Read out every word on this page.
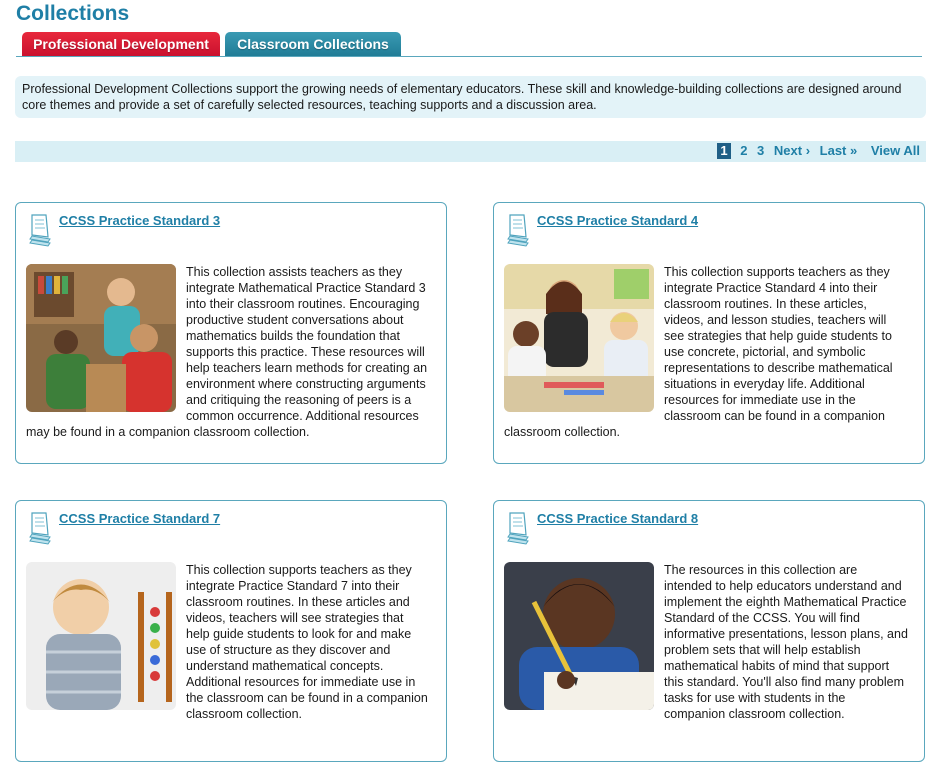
Collections
Professional Development	Classroom Collections
Professional Development Collections support the growing needs of elementary educators. These skill and knowledge-building collections are designed around core themes and provide a set of carefully selected resources, teaching supports and a discussion area.
1 2 3 Next › Last » View All
CCSS Practice Standard 3
This collection assists teachers as they integrate Mathematical Practice Standard 3 into their classroom routines. Encouraging productive student conversations about mathematics builds the foundation that supports this practice. These resources will help teachers learn methods for creating an environment where constructing arguments and critiquing the reasoning of peers is a common occurrence. Additional resources may be found in a companion classroom collection.
CCSS Practice Standard 4
This collection supports teachers as they integrate Practice Standard 4 into their classroom routines. In these articles, videos, and lesson studies, teachers will see strategies that help guide students to use concrete, pictorial, and symbolic representations to describe mathematical situations in everyday life. Additional resources for immediate use in the classroom can be found in a companion classroom collection.
CCSS Practice Standard 7
This collection supports teachers as they integrate Practice Standard 7 into their classroom routines. In these articles and videos, teachers will see strategies that help guide students to look for and make use of structure as they discover and understand mathematical concepts. Additional resources for immediate use in the classroom can be found in a companion classroom collection.
CCSS Practice Standard 8
The resources in this collection are intended to help educators understand and implement the eighth Mathematical Practice Standard of the CCSS. You will find informative presentations, lesson plans, and problem sets that will help establish mathematical habits of mind that support this standard. You'll also find many problem tasks for use with students in the companion classroom collection.
